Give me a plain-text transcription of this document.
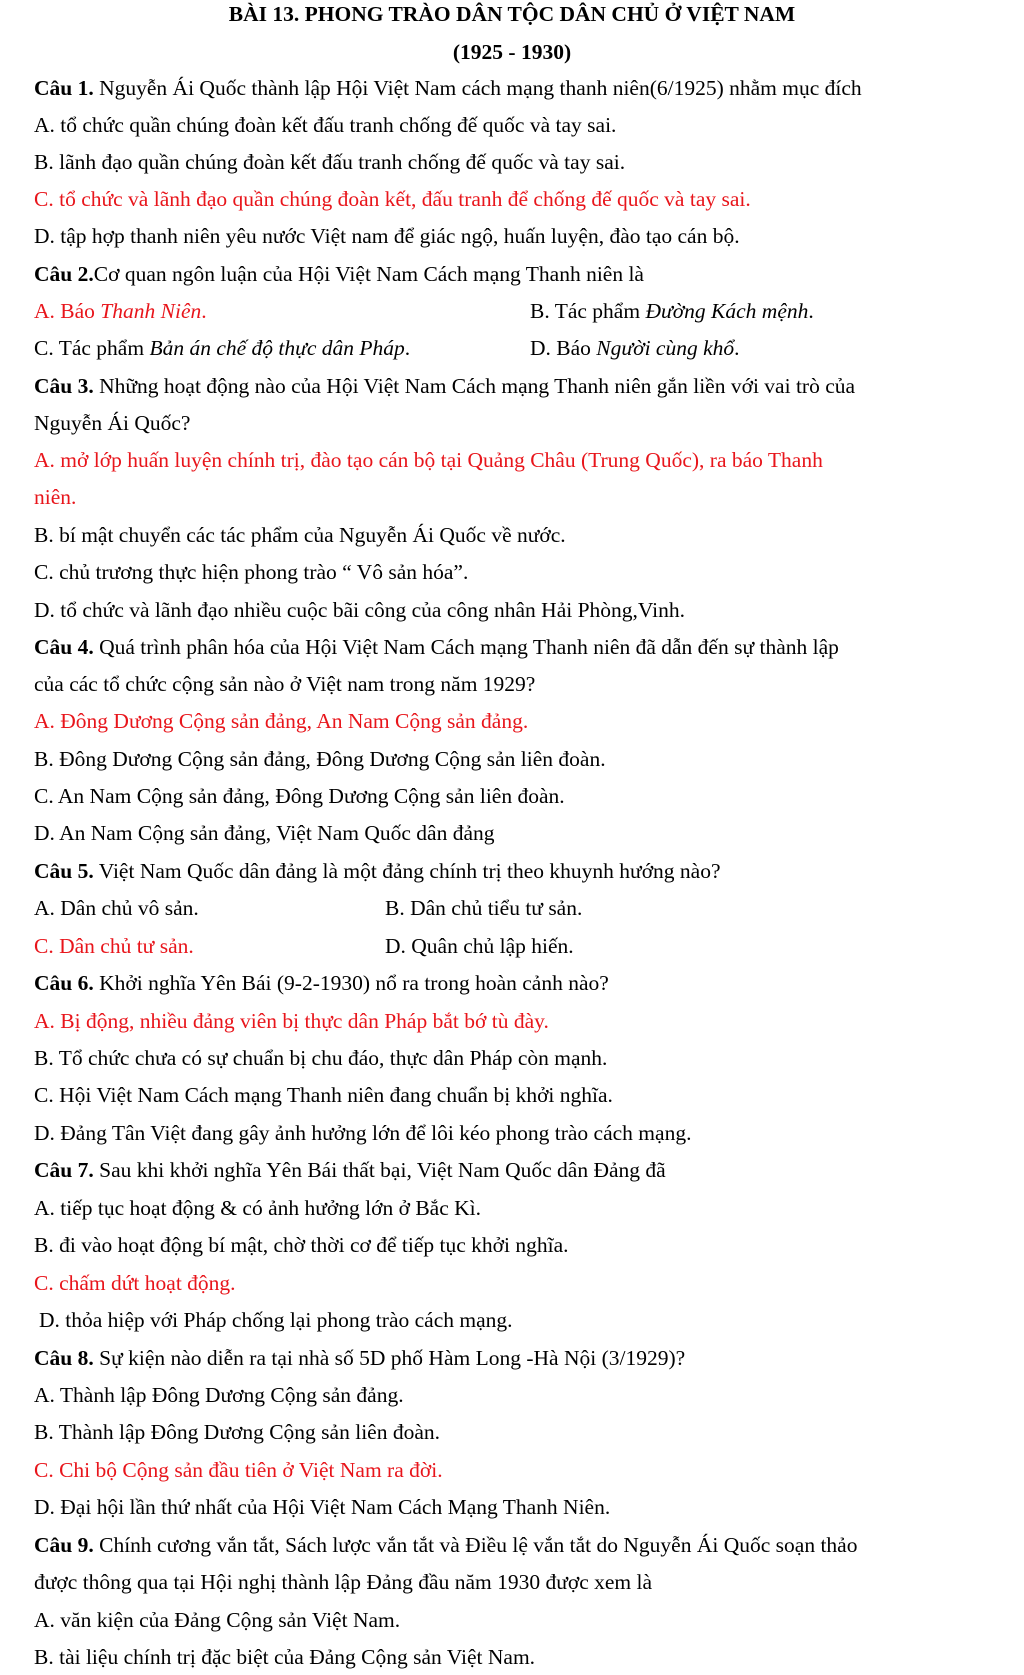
BÀI 13. PHONG TRÀO DÂN TỘC DÂN CHỦ Ở VIỆT NAM
(1925 - 1930)
Câu 1. Nguyễn Ái Quốc thành lập Hội Việt Nam cách mạng thanh niên(6/1925) nhằm mục đích
A. tổ chức quần chúng đoàn kết đấu tranh chống đế quốc và tay sai.
B. lãnh đạo quần chúng đoàn kết đấu tranh chống đế quốc và tay sai.
C. tổ chức và lãnh đạo quần chúng đoàn kết, đấu tranh để chống đế quốc và tay sai.
D. tập hợp thanh niên yêu nước Việt nam để giác ngộ, huấn luyện, đào tạo cán bộ.
Câu 2.Cơ quan ngôn luận của Hội Việt Nam Cách mạng Thanh niên là
A. Báo Thanh Niên.	B. Tác phẩm Đường Kách mệnh.
C. Tác phẩm Bản án chế độ thực dân Pháp.	D. Báo Người cùng khổ.
Câu 3. Những hoạt động nào của Hội Việt Nam Cách mạng Thanh niên gắn liền với vai trò của
Nguyễn Ái Quốc?
A. mở lớp huấn luyện chính trị, đào tạo cán bộ tại Quảng Châu (Trung Quốc), ra báo Thanh
niên.
B. bí mật chuyển các tác phẩm của Nguyễn Ái Quốc về nước.
C. chủ trương thực hiện phong trào “ Vô sản hóa”.
D. tổ chức và lãnh đạo nhiều cuộc bãi công của công nhân Hải Phòng,Vinh.
Câu 4. Quá trình phân hóa của Hội Việt Nam Cách mạng Thanh niên đã dẫn đến sự thành lập
của các tổ chức cộng sản nào ở Việt nam trong năm 1929?
A. Đông Dương Cộng sản đảng, An Nam Cộng sản đảng.
B. Đông Dương Cộng sản đảng, Đông Dương Cộng sản liên đoàn.
C. An Nam Cộng sản đảng, Đông Dương Cộng sản liên đoàn.
D. An Nam Cộng sản đảng, Việt Nam Quốc dân đảng
Câu 5. Việt Nam Quốc dân đảng là một đảng chính trị theo khuynh hướng nào?
A. Dân chủ vô sản.	B. Dân chủ tiểu tư sản.
C. Dân chủ tư sản.	D. Quân chủ lập hiến.
Câu 6. Khởi nghĩa Yên Bái (9-2-1930) nổ ra trong hoàn cảnh nào?
A. Bị động, nhiều đảng viên bị thực dân Pháp bắt bớ tù đày.
B. Tổ chức chưa có sự chuẩn bị chu đáo, thực dân Pháp còn mạnh.
C. Hội Việt Nam Cách mạng Thanh niên đang chuẩn bị khởi nghĩa.
D. Đảng Tân Việt đang gây ảnh hưởng lớn để lôi kéo phong trào cách mạng.
Câu 7. Sau khi khởi nghĩa Yên Bái thất bại, Việt Nam Quốc dân Đảng đã
A. tiếp tục hoạt động & có ảnh hưởng lớn ở Bắc Kì.
B. đi vào hoạt động bí mật, chờ thời cơ để tiếp tục khởi nghĩa.
C. chấm dứt hoạt động.
D. thỏa hiệp với Pháp chống lại phong trào cách mạng.
Câu 8. Sự kiện nào diễn ra tại nhà số 5D phố Hàm Long -Hà Nội (3/1929)?
A. Thành lập Đông Dương Cộng sản đảng.
B. Thành lập Đông Dương Cộng sản liên đoàn.
C. Chi bộ Cộng sản đầu tiên ở Việt Nam ra đời.
D. Đại hội lần thứ nhất của Hội Việt Nam Cách Mạng Thanh Niên.
Câu 9. Chính cương vắn tắt, Sách lược vắn tắt và Điều lệ vắn tắt do Nguyễn Ái Quốc soạn thảo
được thông qua tại Hội nghị thành lập Đảng đầu năm 1930 được xem là
A. văn kiện của Đảng Cộng sản Việt Nam.
B. tài liệu chính trị đặc biệt của Đảng Cộng sản Việt Nam.
